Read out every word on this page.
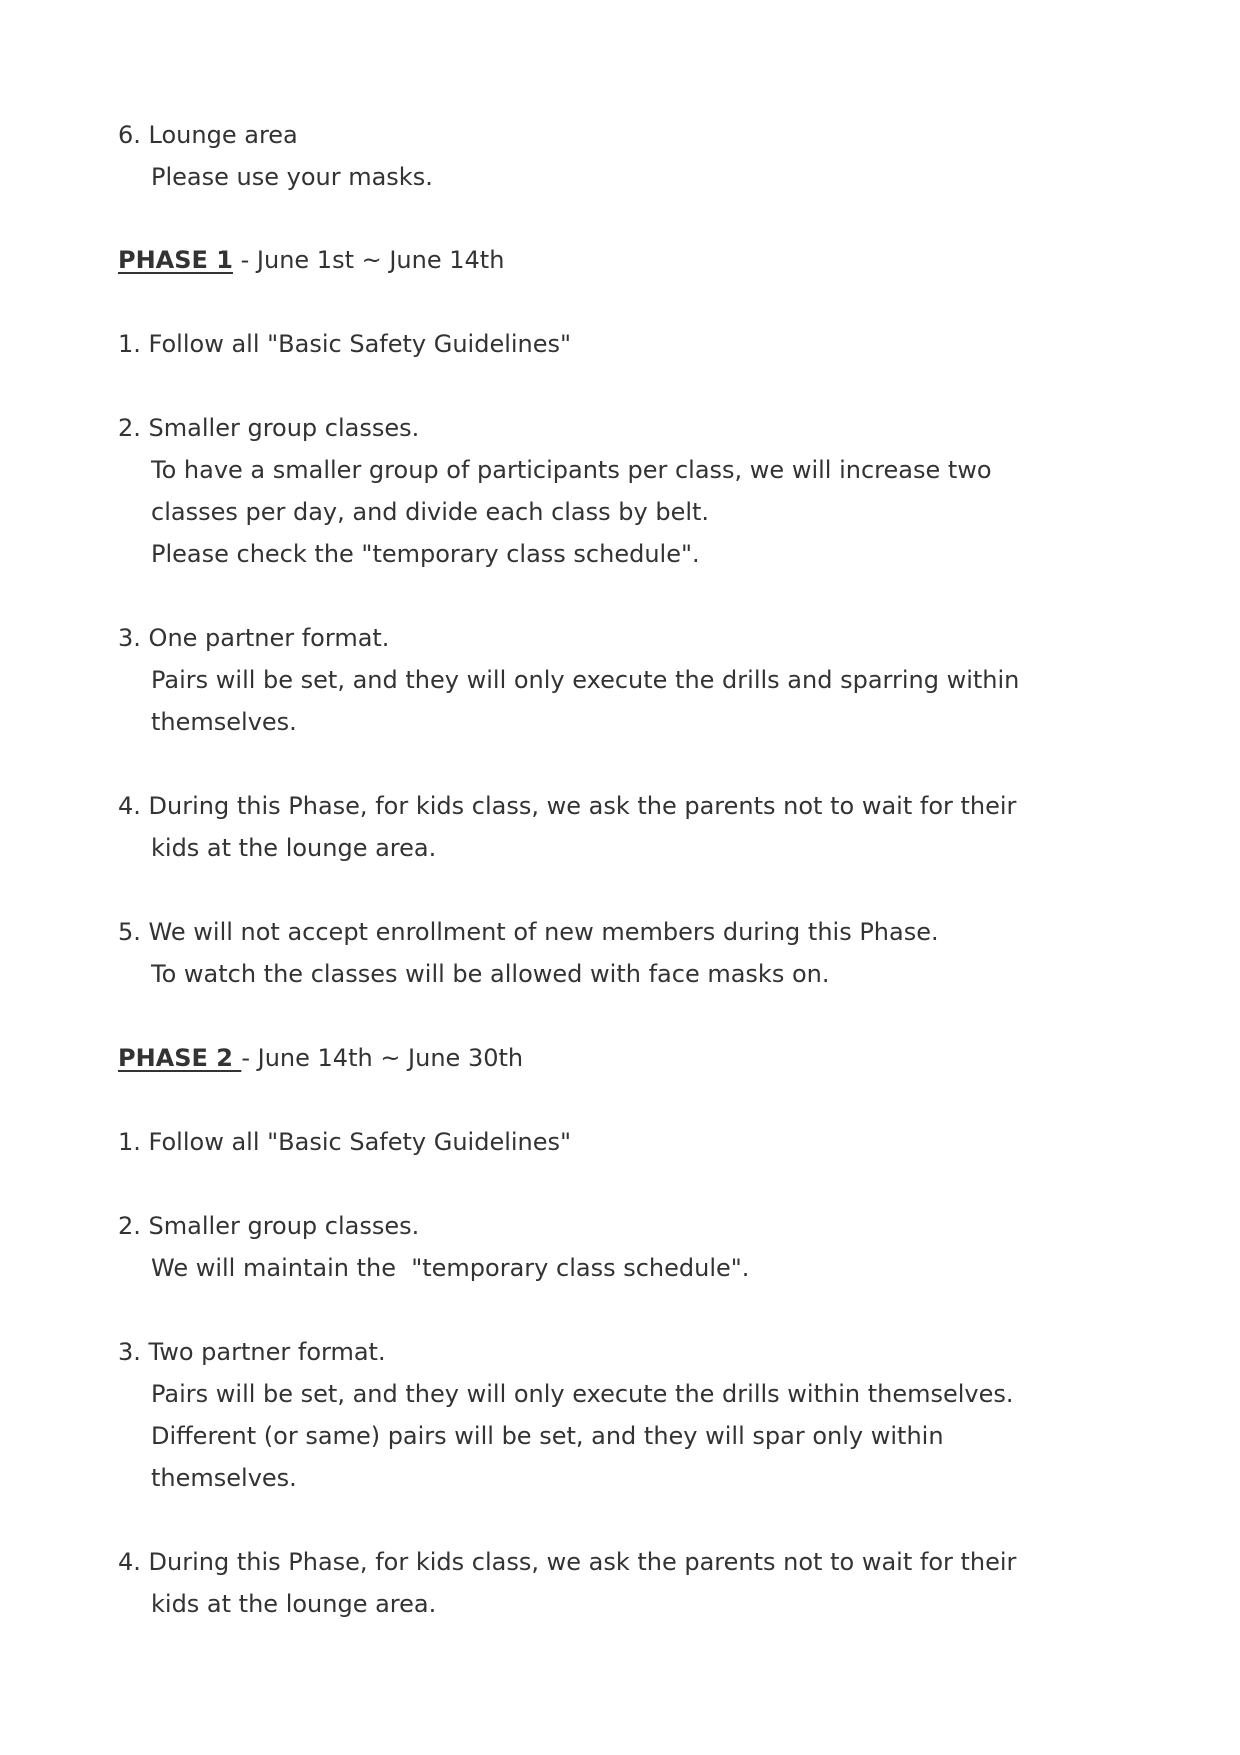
6. Lounge area

Please use your masks.

PHASE 1 - June 1st ~ June 14th

1. Follow all "Basic Safety Guidelines"

2. Smaller group classes.

To have a smaller group of participants per class, we will increase two

classes per day, and divide each class by belt.

Please check the "temporary class schedule".

3. One partner format.

Pairs will be set, and they will only execute the drills and sparring within

themselves.

4. During this Phase, for kids class, we ask the parents not to wait for their

kids at the lounge area.

5. We will not accept enrollment of new members during this Phase.

To watch the classes will be allowed with face masks on.

PHASE 2 - June 14th ~ June 30th

1. Follow all "Basic Safety Guidelines"

2. Smaller group classes.

We will maintain the  "temporary class schedule".

3. Two partner format.

Pairs will be set, and they will only execute the drills within themselves.

Different (or same) pairs will be set, and they will spar only within

themselves.

4. During this Phase, for kids class, we ask the parents not to wait for their

kids at the lounge area.
